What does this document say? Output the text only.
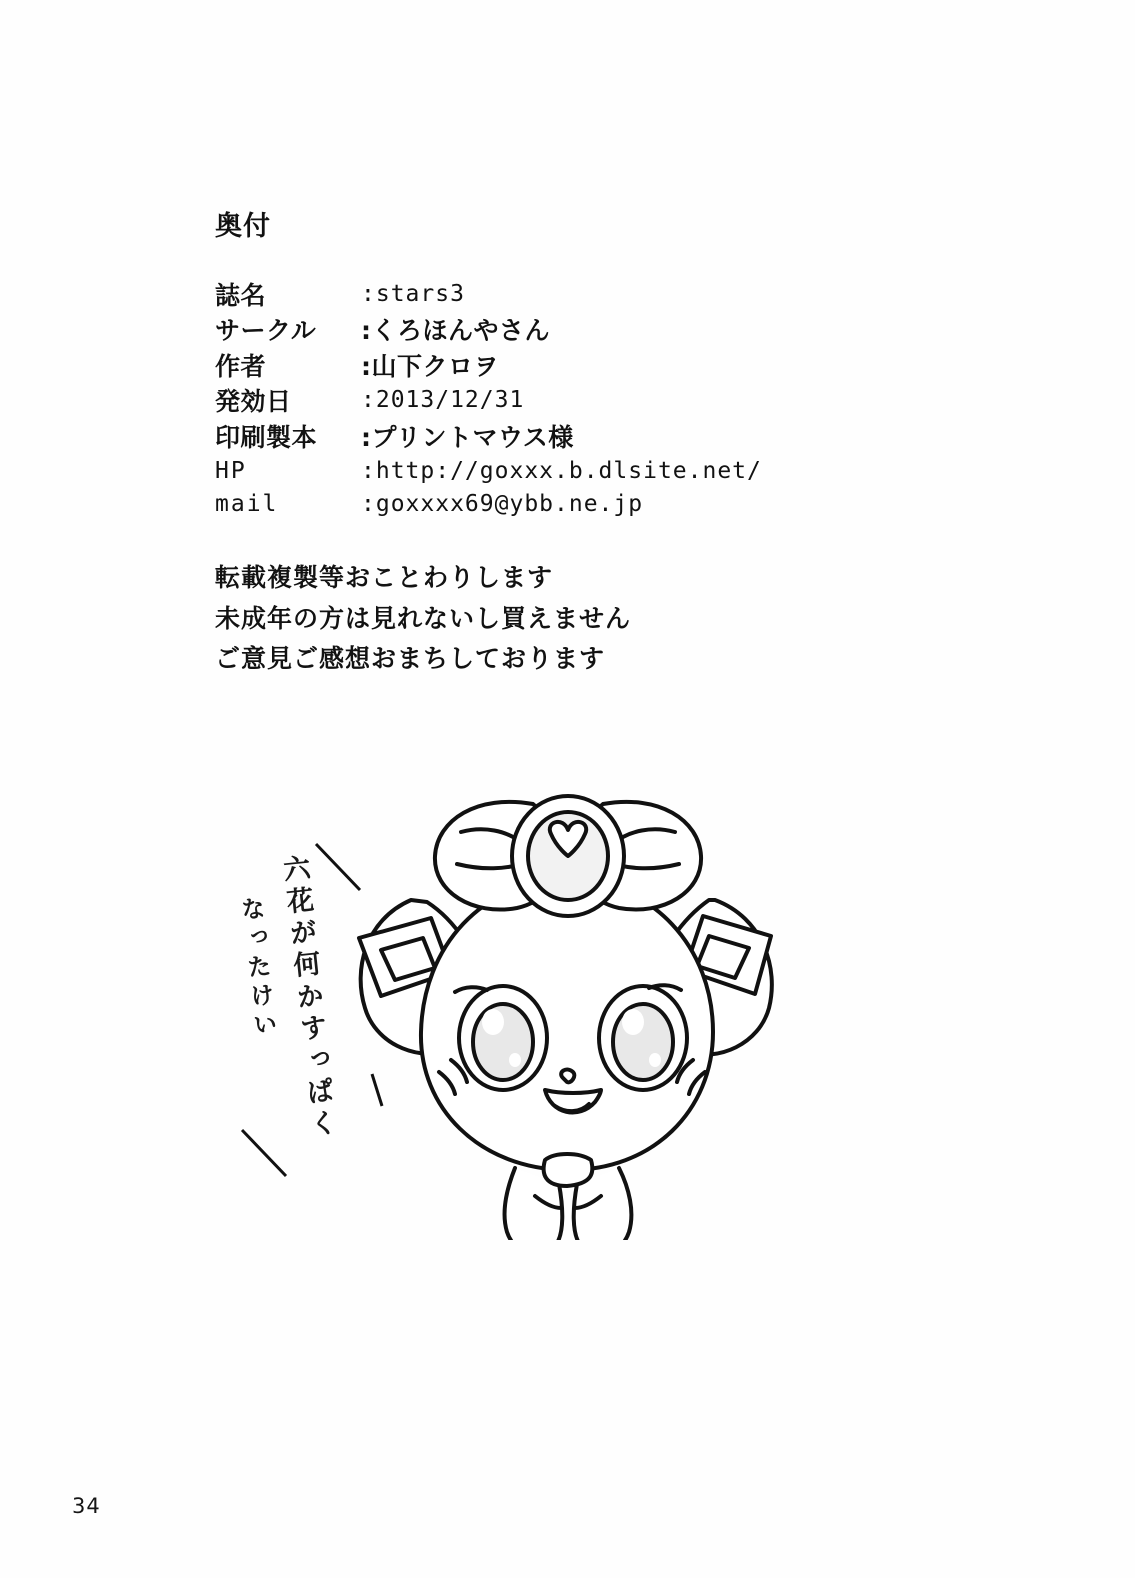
奥付
誌名	:stars3
サークル	:くろほんやさん
作者	:山下クロヲ
発効日	:2013/12/31
印刷製本	:プリントマウス様
HP	:http://goxxx.b.dlsite.net/
mail	:goxxxx69@ybb.ne.jp
転載複製等おことわりします
未成年の方は見れないし買えません
ご意見ご感想おまちしております
六花が何かすっぱく
なったけい
34
